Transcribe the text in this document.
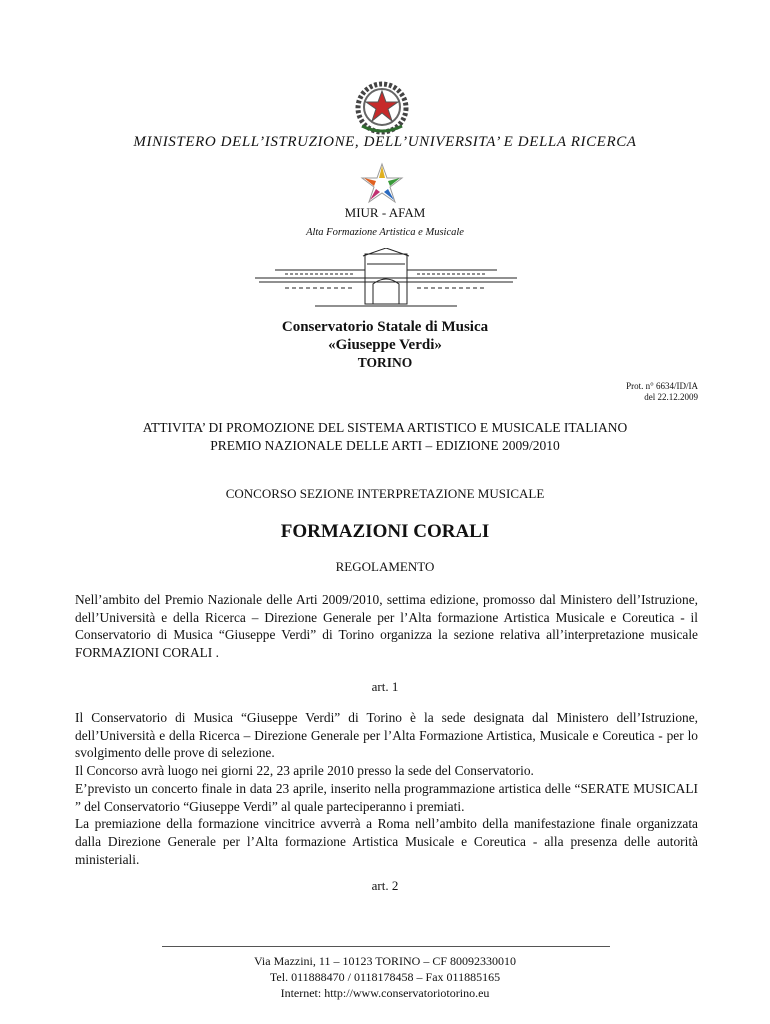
MINISTERO DELL’ISTRUZIONE, DELL’UNIVERSITA’ E DELLA RICERCA
MIUR - AFAM
Alta Formazione Artistica e Musicale
Conservatorio Statale di Musica
«Giuseppe Verdi»
TORINO
Prot. n° 6634/ID/IA
del 22.12.2009
ATTIVITA’ DI PROMOZIONE DEL SISTEMA ARTISTICO E MUSICALE ITALIANO
PREMIO NAZIONALE DELLE ARTI – EDIZIONE 2009/2010
CONCORSO SEZIONE INTERPRETAZIONE MUSICALE
FORMAZIONI CORALI
REGOLAMENTO
Nell’ambito del Premio Nazionale delle Arti 2009/2010, settima edizione, promosso dal Ministero dell’Istruzione, dell’Università e della Ricerca – Direzione Generale per l’Alta formazione Artistica Musicale e Coreutica - il Conservatorio di Musica “Giuseppe Verdi” di Torino organizza la sezione relativa all’interpretazione musicale FORMAZIONI CORALI .
art. 1
Il Conservatorio di Musica “Giuseppe Verdi” di Torino è la sede designata dal Ministero dell’Istruzione, dell’Università e della Ricerca – Direzione Generale per l’Alta Formazione Artistica, Musicale e Coreutica - per lo svolgimento delle prove di selezione.
Il Concorso avrà luogo nei giorni 22, 23 aprile 2010 presso la sede del Conservatorio.
E’previsto un concerto finale in data 23 aprile, inserito nella programmazione artistica delle “SERATE MUSICALI ” del Conservatorio “Giuseppe Verdi” al quale parteciperanno i premiati.
La premiazione della formazione vincitrice avverrà a Roma nell’ambito della manifestazione finale organizzata dalla Direzione Generale per l’Alta formazione Artistica Musicale e Coreutica - alla presenza delle autorità ministeriali.
art. 2
Via Mazzini, 11 – 10123 TORINO – CF 80092330010
Tel. 011888470 / 0118178458 – Fax 011885165
Internet: http://www.conservatoriotorino.eu
